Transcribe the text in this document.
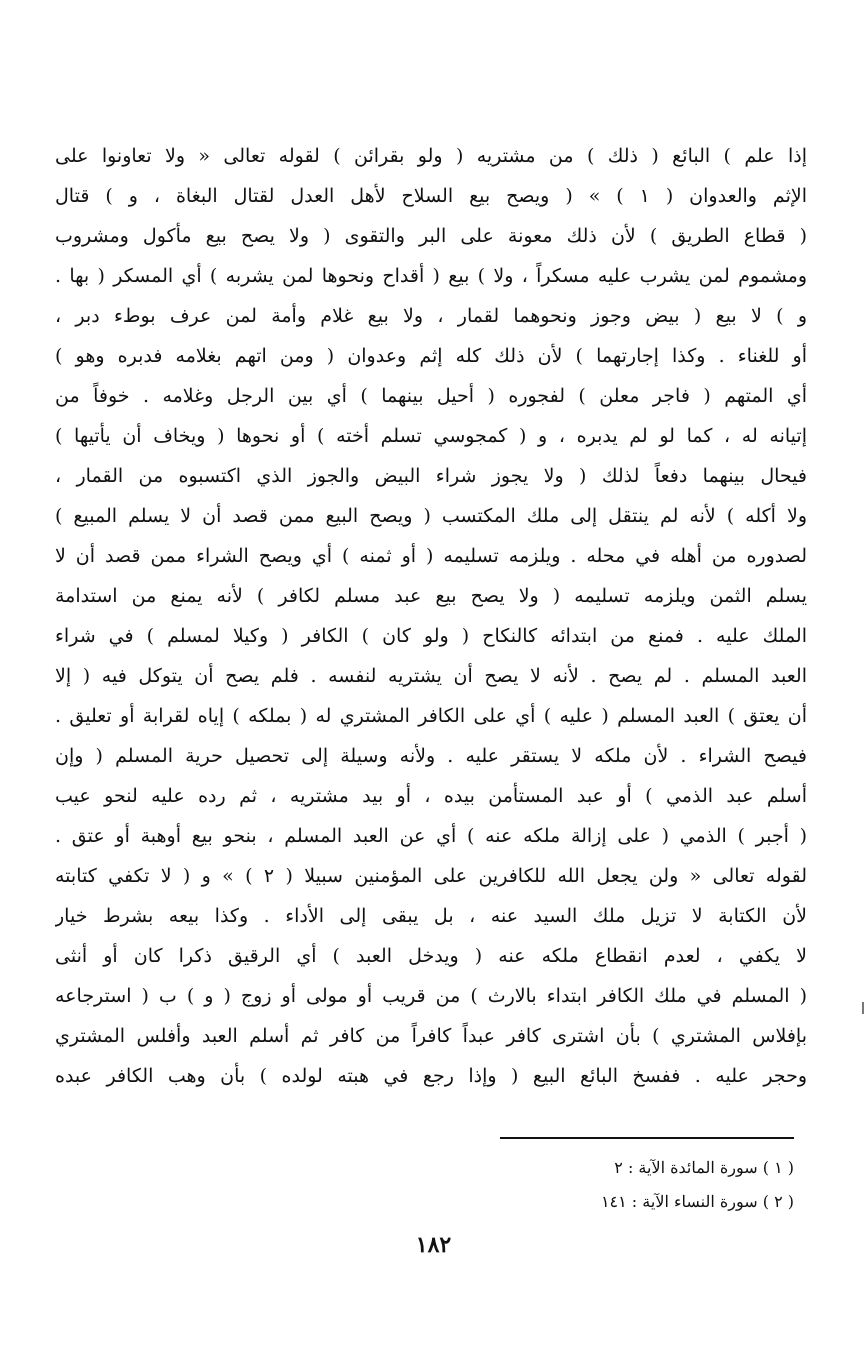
إذا علم ) البائع ( ذلك ) من مشتريه ( ولو بقرائن ) لقوله تعالى « ولا تعاونوا على
الإثم والعدوان ( ١ ) » ( ويصح بيع السلاح لأهل العدل لقتال البغاة ، و ) قتال
( قطاع الطريق ) لأن ذلك معونة على البر والتقوى ( ولا يصح بيع مأكول ومشروب
ومشموم لمن يشرب عليه مسكراً ، ولا ) بيع ( أقداح ونحوها لمن يشربه ) أي المسكر ( بها .
و ) لا بيع ( بيض وجوز ونحوهما لقمار ، ولا بيع غلام وأمة لمن عرف بوطء دبر ،
أو للغناء . وكذا إجارتهما ) لأن ذلك كله إثم وعدوان ( ومن اتهم بغلامه فدبره وهو )
أي المتهم ( فاجر معلن ) لفجوره ( أحيل بينهما ) أي بين الرجل وغلامه . خوفاً من
إتيانه له ، كما لو لم يدبره ، و ( كمجوسي تسلم أخته ) أو نحوها ( ويخاف أن يأتيها )
فيحال بينهما دفعاً لذلك ( ولا يجوز شراء البيض والجوز الذي اكتسبوه من القمار ،
ولا أكله ) لأنه لم ينتقل إلى ملك المكتسب ( ويصح البيع ممن قصد أن لا يسلم المبيع )
لصدوره من أهله في محله . ويلزمه تسليمه ( أو ثمنه ) أي ويصح الشراء ممن قصد أن لا
يسلم الثمن ويلزمه تسليمه ( ولا يصح بيع عبد مسلم لكافر ) لأنه يمنع من استدامة
الملك عليه . فمنع من ابتدائه كالنكاح ( ولو كان ) الكافر ( وكيلا لمسلم ) في شراء
العبد المسلم . لم يصح . لأنه لا يصح أن يشتريه لنفسه . فلم يصح أن يتوكل فيه ( إلا
أن يعتق ) العبد المسلم ( عليه ) أي على الكافر المشتري له ( بملكه ) إياه لقرابة أو تعليق .
فيصح الشراء . لأن ملكه لا يستقر عليه . ولأنه وسيلة إلى تحصيل حرية المسلم ( وإن
أسلم عبد الذمي ) أو عبد المستأمن بيده ، أو بيد مشتريه ، ثم رده عليه لنحو عيب
( أجبر ) الذمي ( على إزالة ملكه عنه ) أي عن العبد المسلم ، بنحو بيع أوهبة أو عتق .
لقوله تعالى « ولن يجعل الله للكافرين على المؤمنين سبيلا ( ٢ ) » و ( لا تكفي كتابته
لأن الكتابة لا تزيل ملك السيد عنه ، بل يبقى إلى الأداء . وكذا بيعه بشرط خيار
لا يكفي ، لعدم انقطاع ملكه عنه ( ويدخل العبد ) أي الرقيق ذكرا كان أو أنثى
( المسلم في ملك الكافر ابتداء بالارث ) من قريب أو مولى أو زوج ( و ) ب ( استرجاعه
بإفلاس المشتري ) بأن اشترى كافر عبداً كافراً من كافر ثم أسلم العبد وأفلس المشتري
وحجر عليه . ففسخ البائع البيع ( وإذا رجع في هبته لولده ) بأن وهب الكافر عبده
( ١ ) سورة المائدة الآية : ٢
( ٢ ) سورة النساء الآية : ١٤١
١٨٢
